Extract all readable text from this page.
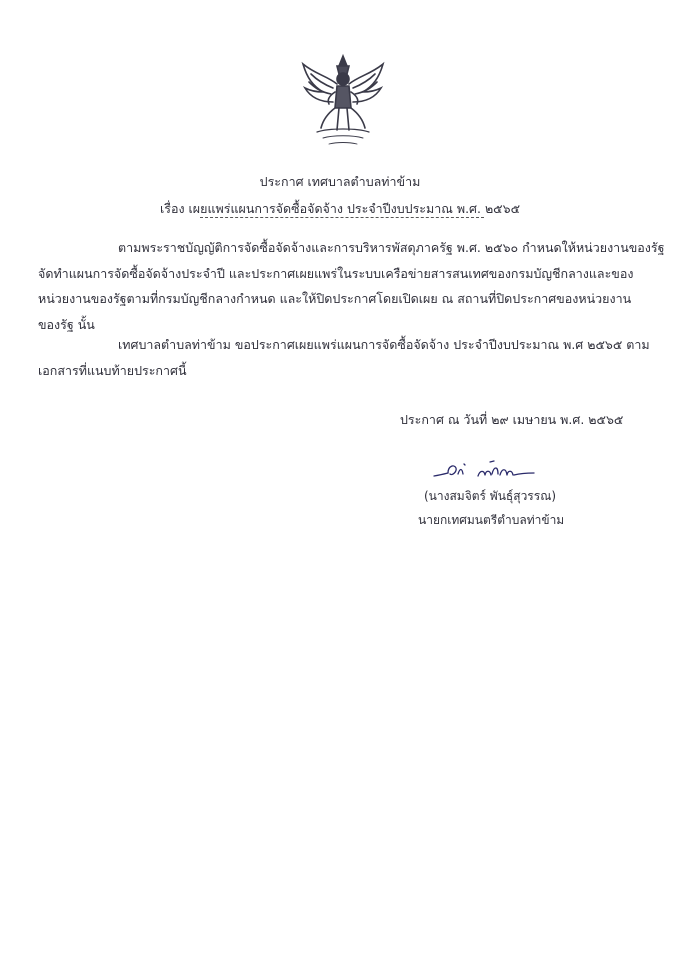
ประกาศ เทศบาลตำบลท่าข้าม
เรื่อง เผยแพร่แผนการจัดซื้อจัดจ้าง ประจำปีงบประมาณ พ.ศ. ๒๕๖๕
ตามพระราชบัญญัติการจัดซื้อจัดจ้างและการบริหารพัสดุภาครัฐ พ.ศ. ๒๕๖๐ กำหนดให้หน่วยงานของรัฐ
จัดทำแผนการจัดซื้อจัดจ้างประจำปี และประกาศเผยแพร่ในระบบเครือข่ายสารสนเทศของกรมบัญชีกลางและของ
หน่วยงานของรัฐตามที่กรมบัญชีกลางกำหนด และให้ปิดประกาศโดยเปิดเผย ณ สถานที่ปิดประกาศของหน่วยงาน
ของรัฐ นั้น
เทศบาลตำบลท่าข้าม ขอประกาศเผยแพร่แผนการจัดซื้อจัดจ้าง ประจำปีงบประมาณ พ.ศ ๒๕๖๕ ตาม
เอกสารที่แนบท้ายประกาศนี้
ประกาศ ณ วันที่ ๒๙ เมษายน พ.ศ. ๒๕๖๕
(นางสมจิตร์ พันธุ์สุวรรณ)
นายกเทศมนตรีตำบลท่าข้าม
